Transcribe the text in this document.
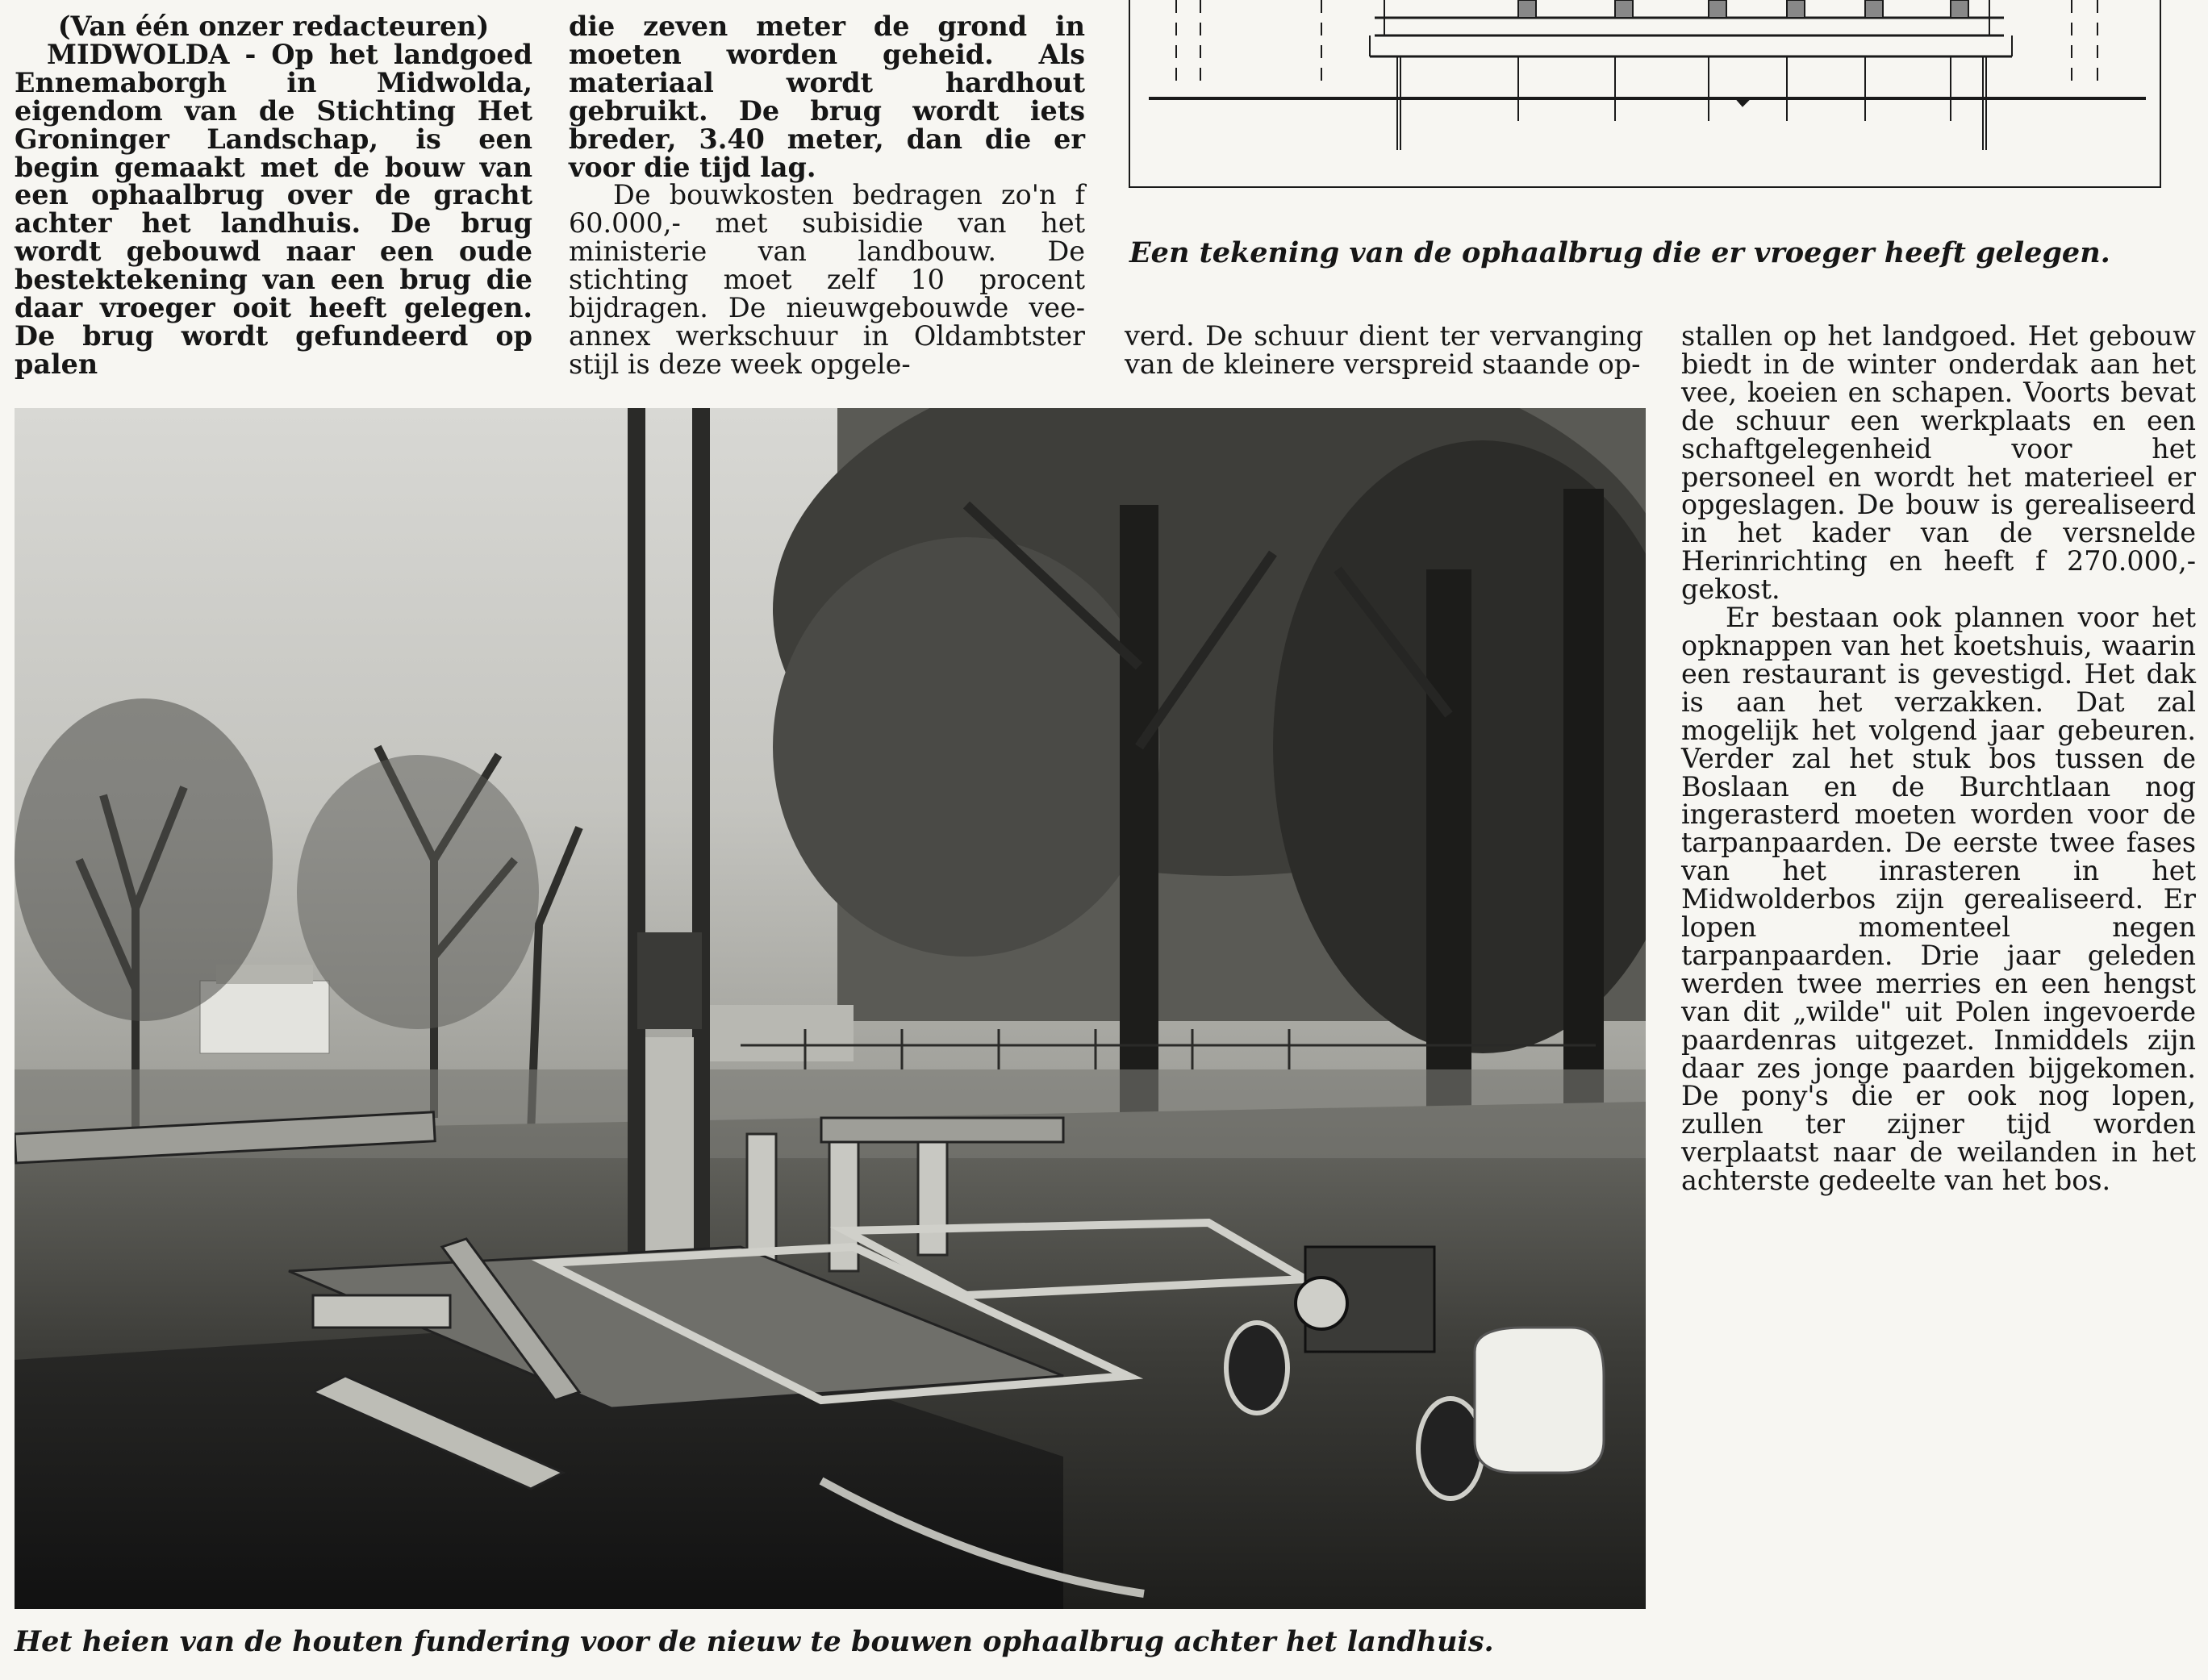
(Van één onzer redacteuren)

MIDWOLDA - Op het landgoed Ennemaborgh in Midwolda, eigendom van de Stichting Het Groninger Landschap, is een begin gemaakt met de bouw van een ophaalbrug over de gracht achter het landhuis. De brug wordt gebouwd naar een oude bestektekening van een brug die daar vroeger ooit heeft gelegen. De brug wordt gefundeerd op palen

die zeven meter de grond in moeten worden geheid. Als materiaal wordt hardhout gebruikt. De brug wordt iets breder, 3.40 meter, dan die er voor die tijd lag.

De bouwkosten bedragen zo'n f 60.000,- met subisidie van het ministerie van landbouw. De stichting moet zelf 10 procent bijdragen. De nieuwgebouwde vee- annex werkschuur in Oldambtster stijl is deze week opgele-

Een tekening van de ophaalbrug die er vroeger heeft gelegen.

verd. De schuur dient ter vervanging van de kleinere verspreid staande op-

stallen op het landgoed. Het gebouw biedt in de winter onderdak aan het vee, koeien en schapen. Voorts bevat de schuur een werkplaats en een schaftgelegenheid voor het personeel en wordt het materieel er opgeslagen. De bouw is gerealiseerd in het kader van de versnelde Herinrichting en heeft f 270.000,- gekost.

Er bestaan ook plannen voor het opknappen van het koetshuis, waarin een restaurant is gevestigd. Het dak is aan het verzakken. Dat zal mogelijk het volgend jaar gebeuren. Verder zal het stuk bos tussen de Boslaan en de Burchtlaan nog ingerasterd moeten worden voor de tarpanpaarden. De eerste twee fases van het inrasteren in het Midwolderbos zijn gerealiseerd. Er lopen momenteel negen tarpanpaarden. Drie jaar geleden werden twee merries en een hengst van dit „wilde" uit Polen ingevoerde paardenras uitgezet. Inmiddels zijn daar zes jonge paarden bijgekomen. De pony's die er ook nog lopen, zullen ter zijner tijd worden verplaatst naar de weilanden in het achterste gedeelte van het bos.

Het heien van de houten fundering voor de nieuw te bouwen ophaalbrug achter het landhuis.
